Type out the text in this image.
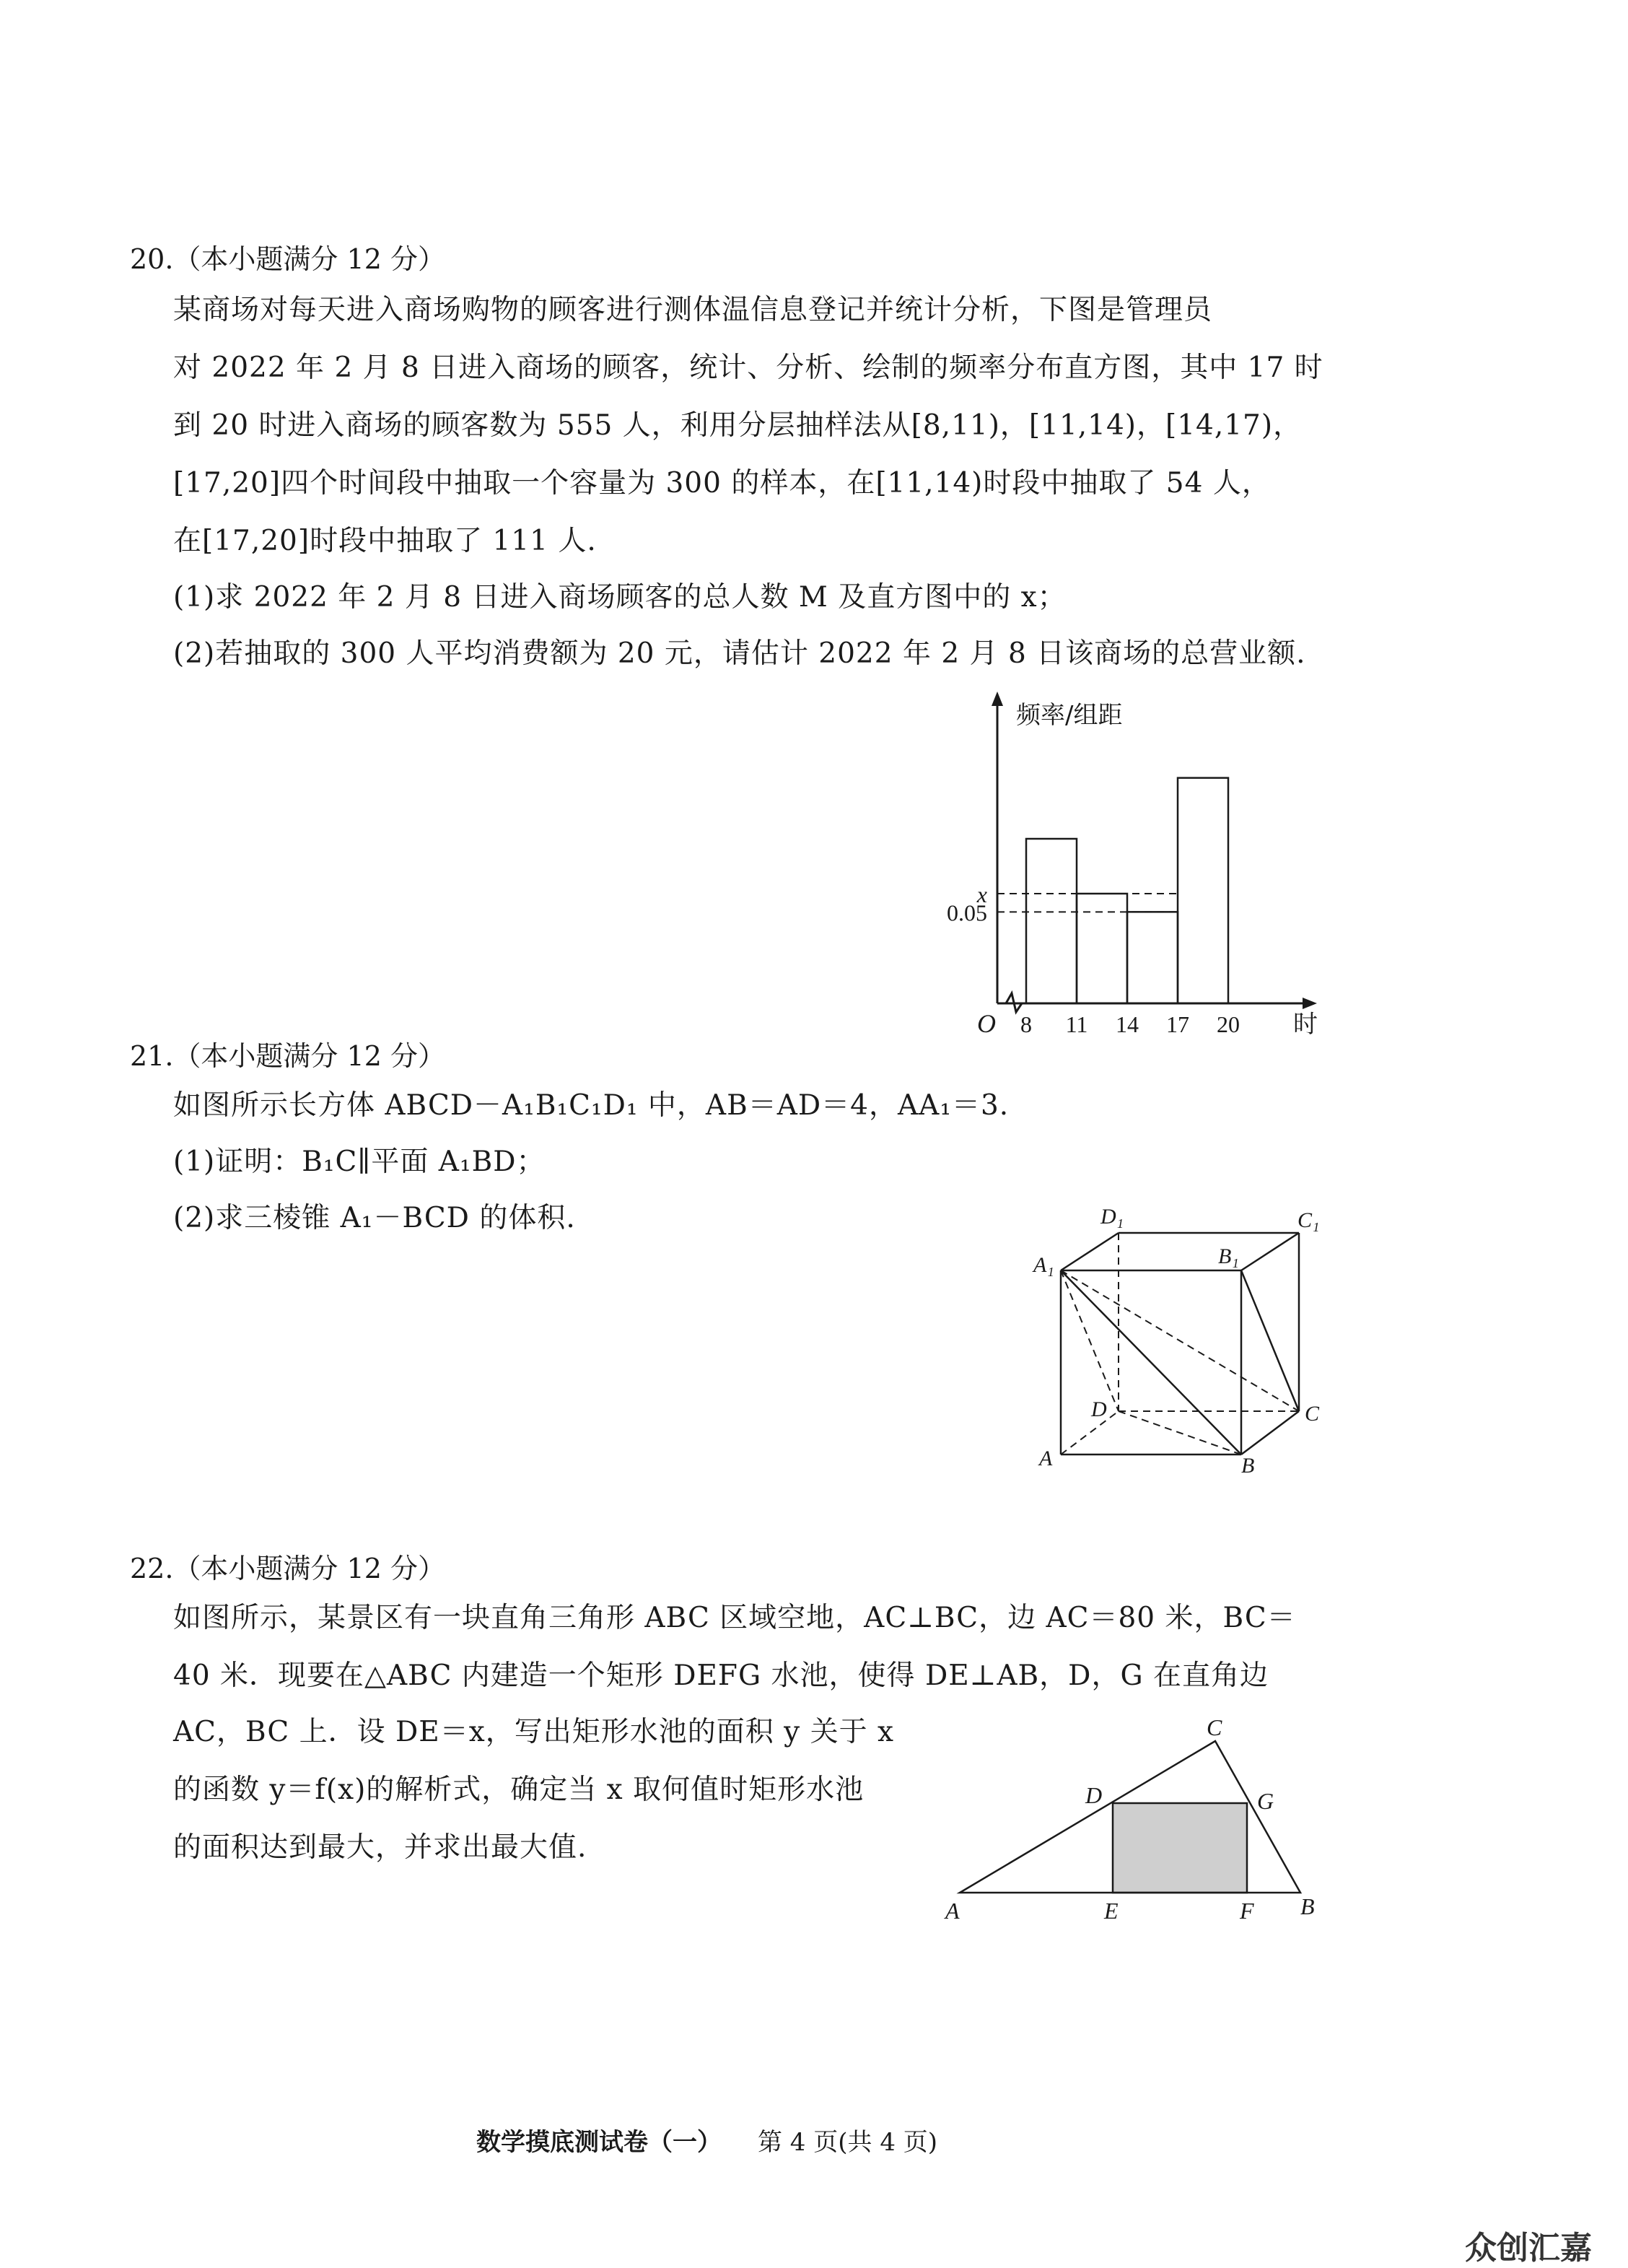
20.（本小题满分 12 分）
某商场对每天进入商场购物的顾客进行测体温信息登记并统计分析，下图是管理员
对 2022 年 2 月 8 日进入商场的顾客，统计、分析、绘制的频率分布直方图，其中 17 时
到 20 时进入商场的顾客数为 555 人，利用分层抽样法从[8,11)，[11,14)，[14,17)，
[17,20]四个时间段中抽取一个容量为 300 的样本，在[11,14)时段中抽取了 54 人，
在[17,20]时段中抽取了 111 人.
(1)求 2022 年 2 月 8 日进入商场顾客的总人数 M 及直方图中的 x；
(2)若抽取的 300 人平均消费额为 20 元，请估计 2022 年 2 月 8 日该商场的总营业额.
频率/组距
O	时
8 11 14 17 20
x
0.05
21.（本小题满分 12 分）
如图所示长方体 ABCD－A₁B₁C₁D₁ 中，AB＝AD＝4，AA₁＝3.
(1)证明：B₁C∥平面 A₁BD；
(2)求三棱锥 A₁－BCD 的体积.	D₁	C₁
A₁	B₁
D	C
A	B
22.（本小题满分 12 分）
如图所示，某景区有一块直角三角形 ABC 区域空地，AC⊥BC，边 AC＝80 米，BC＝
40 米．现要在△ABC 内建造一个矩形 DEFG 水池，使得 DE⊥AB，D，G 在直角边
AC，BC 上．设 DE＝x，写出矩形水池的面积 y 关于 x
的函数 y＝f(x)的解析式，确定当 x 取何值时矩形水池
的面积达到最大，并求出最大值.
C
D	G
A	E	F B
数学摸底测试卷（一） 第 4 页(共 4 页)
众创汇嘉
